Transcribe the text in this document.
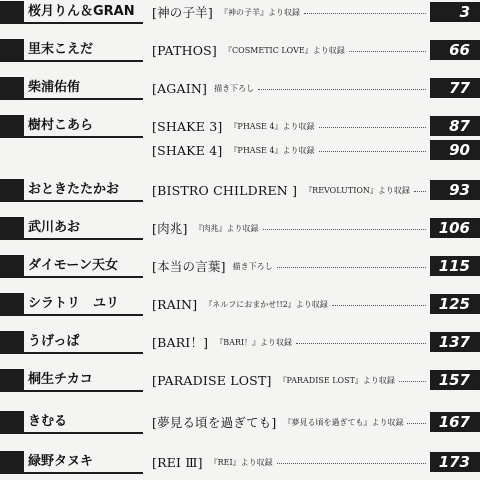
桜月りん＆GRAN [神の子羊] 『神の子羊』より収録	3
里末こえだ	[PATHOS] 『COSMETIC LOVE』より収録	66
柴浦佑侑	[AGAIN] 描き下ろし	77
樹村こあら	[SHAKE 3] 『PHASE 4』より収録	87
[SHAKE 4] 『PHASE 4』より収録	90
おときたたかお	[BISTRO CHILDREN ] 『REVOLUTION』より収録	93
武川あお	[肉兆] 『肉兆』より収録	106
ダイモーン天女	[本当の言葉] 描き下ろし	115
シラトリ　ユリ	[RAIN] 『ネルフにおまかせ!!2』より収録	125
うげっぱ	[BARI！] 『BARI！』より収録	137
桐生チカコ	[PARADISE LOST] 『PARADISE LOST』より収録	157
きむる	[夢見る頃を過ぎても] 『夢見る頃を過ぎても』より収録	167
緑野タヌキ	[REI Ⅲ] 『REI』より収録	173
